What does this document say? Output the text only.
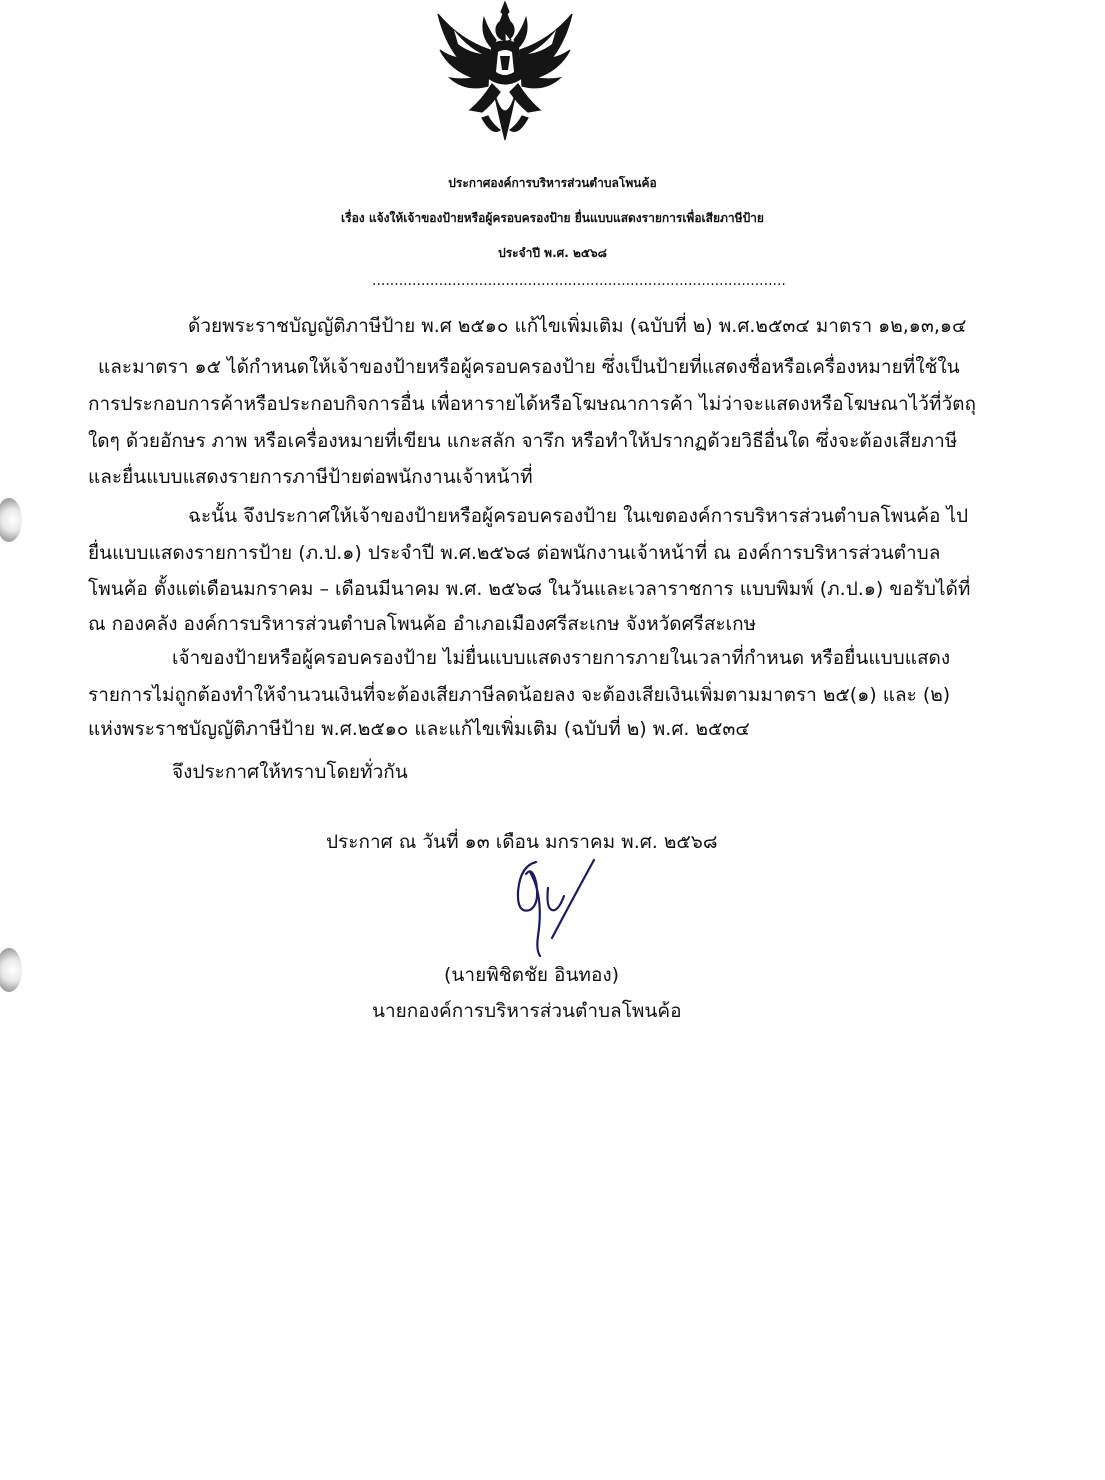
ประกาศองค์การบริหารส่วนตำบลโพนค้อ
เรื่อง แจ้งให้เจ้าของป้ายหรือผู้ครอบครองป้าย ยื่นแบบแสดงรายการเพื่อเสียภาษีป้าย
ประจำปี พ.ศ. ๒๕๖๘
.............................................................................................
ด้วยพระราชบัญญัติภาษีป้าย พ.ศ ๒๕๑๐ แก้ไขเพิ่มเติม (ฉบับที่ ๒) พ.ศ.๒๕๓๔ มาตรา ๑๒,๑๓,๑๔
และมาตรา ๑๕ ได้กำหนดให้เจ้าของป้ายหรือผู้ครอบครองป้าย ซึ่งเป็นป้ายที่แสดงชื่อหรือเครื่องหมายที่ใช้ใน
การประกอบการค้าหรือประกอบกิจการอื่น เพื่อหารายได้หรือโฆษณาการค้า ไม่ว่าจะแสดงหรือโฆษณาไว้ที่วัตถุ
ใดๆ ด้วยอักษร ภาพ หรือเครื่องหมายที่เขียน แกะสลัก จารึก หรือทำให้ปรากฏด้วยวิธีอื่นใด ซึ่งจะต้องเสียภาษี
และยื่นแบบแสดงรายการภาษีป้ายต่อพนักงานเจ้าหน้าที่
ฉะนั้น จึงประกาศให้เจ้าของป้ายหรือผู้ครอบครองป้าย ในเขตองค์การบริหารส่วนตำบลโพนค้อ ไป
ยื่นแบบแสดงรายการป้าย (ภ.ป.๑) ประจำปี พ.ศ.๒๕๖๘ ต่อพนักงานเจ้าหน้าที่ ณ องค์การบริหารส่วนตำบล
โพนค้อ ตั้งแต่เดือนมกราคม – เดือนมีนาคม พ.ศ. ๒๕๖๘ ในวันและเวลาราชการ แบบพิมพ์ (ภ.ป.๑) ขอรับได้ที่
ณ กองคลัง องค์การบริหารส่วนตำบลโพนค้อ อำเภอเมืองศรีสะเกษ จังหวัดศรีสะเกษ
เจ้าของป้ายหรือผู้ครอบครองป้าย ไม่ยื่นแบบแสดงรายการภายในเวลาที่กำหนด หรือยื่นแบบแสดง
รายการไม่ถูกต้องทำให้จำนวนเงินที่จะต้องเสียภาษีลดน้อยลง จะต้องเสียเงินเพิ่มตามมาตรา ๒๕(๑) และ (๒)
แห่งพระราชบัญญัติภาษีป้าย พ.ศ.๒๕๑๐ และแก้ไขเพิ่มเติม (ฉบับที่ ๒) พ.ศ. ๒๕๓๔
จึงประกาศให้ทราบโดยทั่วกัน
ประกาศ ณ วันที่ ๑๓ เดือน มกราคม พ.ศ. ๒๕๖๘
(นายพิชิตชัย อินทอง)
นายกองค์การบริหารส่วนตำบลโพนค้อ
